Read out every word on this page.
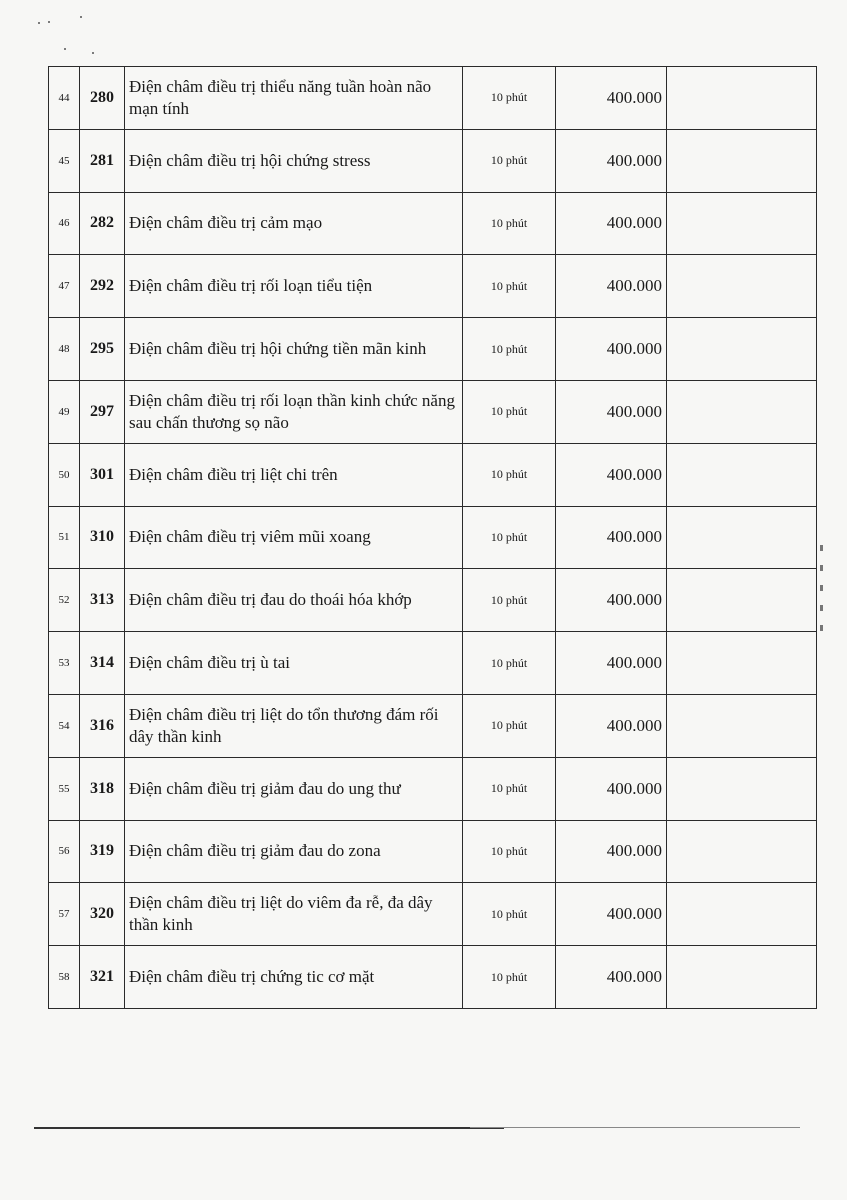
44	280	Điện châm điều trị thiểu năng tuần hoàn não mạn tính	10 phút	400.000	
45	281	Điện châm điều trị hội chứng stress	10 phút	400.000	
46	282	Điện châm điều trị cảm mạo	10 phút	400.000	
47	292	Điện châm điều trị rối loạn tiểu tiện	10 phút	400.000	
48	295	Điện châm điều trị hội chứng tiền mãn kinh	10 phút	400.000	
49	297	Điện châm điều trị rối loạn thần kinh chức năng sau chấn thương sọ não	10 phút	400.000	
50	301	Điện châm điều trị liệt chi trên	10 phút	400.000	
51	310	Điện châm điều trị viêm mũi xoang	10 phút	400.000	
52	313	Điện châm điều trị đau do thoái hóa khớp	10 phút	400.000	
53	314	Điện châm điều trị ù tai	10 phút	400.000	
54	316	Điện châm điều trị liệt do tổn thương đám rối dây thần kinh	10 phút	400.000	
55	318	Điện châm điều trị giảm đau do ung thư	10 phút	400.000	
56	319	Điện châm điều trị giảm đau do zona	10 phút	400.000	
57	320	Điện châm điều trị liệt do viêm đa rễ, đa dây thần kinh	10 phút	400.000	
58	321	Điện châm điều trị chứng tic cơ mặt	10 phút	400.000	
